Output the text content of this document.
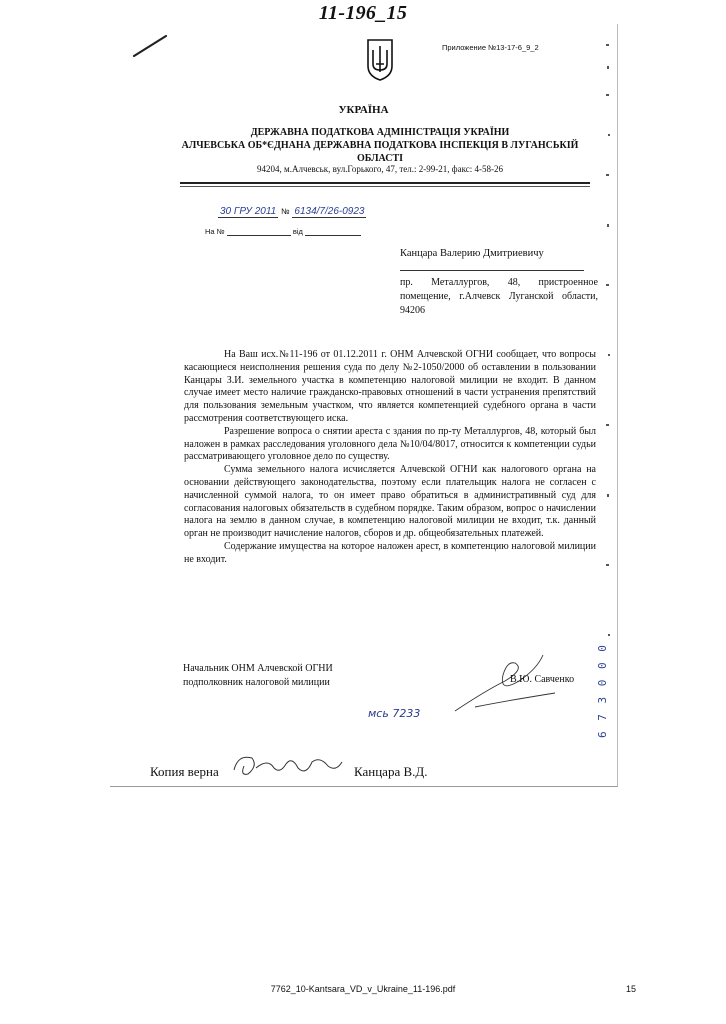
11-196_15
Приложение №13-17-6_9_2
УКРАЇНА
ДЕРЖАВНА ПОДАТКОВА АДМІНІСТРАЦІЯ УКРАЇНИ
АЛЧЕВСЬКА ОБ*ЄДНАНА ДЕРЖАВНА ПОДАТКОВА ІНСПЕКЦІЯ В ЛУГАНСЬКІЙ ОБЛАСТІ
94204, м.Алчевськ, вул.Горького, 47, тел.: 2-99-21, факс: 4-58-26
30 ГРУ 2011 № 6134/7/26-0923
На №	від
Канцара Валерию Дмитриевичу
пр. Металлургов, 48, пристроенное помещение, г.Алчевск Луганской области, 94206

На Ваш исх.№11-196 от 01.12.2011 г. ОНМ Алчевской ОГНИ сообщает, что вопросы касающиеся неисполнения решения суда по делу №2-1050/2000 об оставлении в пользовании Канцары З.И. земельного участка в компетенцию налоговой милиции не входит. В данном случае имеет место наличие гражданско-правовых отношений в части устранения препятствий для пользования земельным участком, что является компетенцией судебного органа в части рассмотрения соответствующего иска.

Разрешение вопроса о снятии ареста с здания по пр-ту Металлургов, 48, который был наложен в рамках расследования уголовного дела №10/04/8017, относится к компетенции судьи рассматривающего уголовное дело по существу.

Сумма земельного налога исчисляется Алчевской ОГНИ как налогового органа на основании действующего законодательства, поэтому если плательщик налога не согласен с начисленной суммой налога, то он имеет право обратиться в административный суд для согласования налоговых обязательств в судебном порядке. Таким образом, вопрос о начислении налога на землю в данном случае, в компетенцию налоговой милиции не входит, т.к. данный орган не производит начисление налогов, сборов и др. общеобязательных платежей.

Содержание имущества на которое наложен арест, в компетенцию налоговой милиции не входит.

Начальник ОНМ Алчевской ОГНИ
подполковник налоговой милиции	В.Ю. Савченко
мсь 7233	6 7 3 0 0 0
Копия верна	Канцара В.Д.
7762_10-Kantsara_VD_v_Ukraine_11-196.pdf	15
